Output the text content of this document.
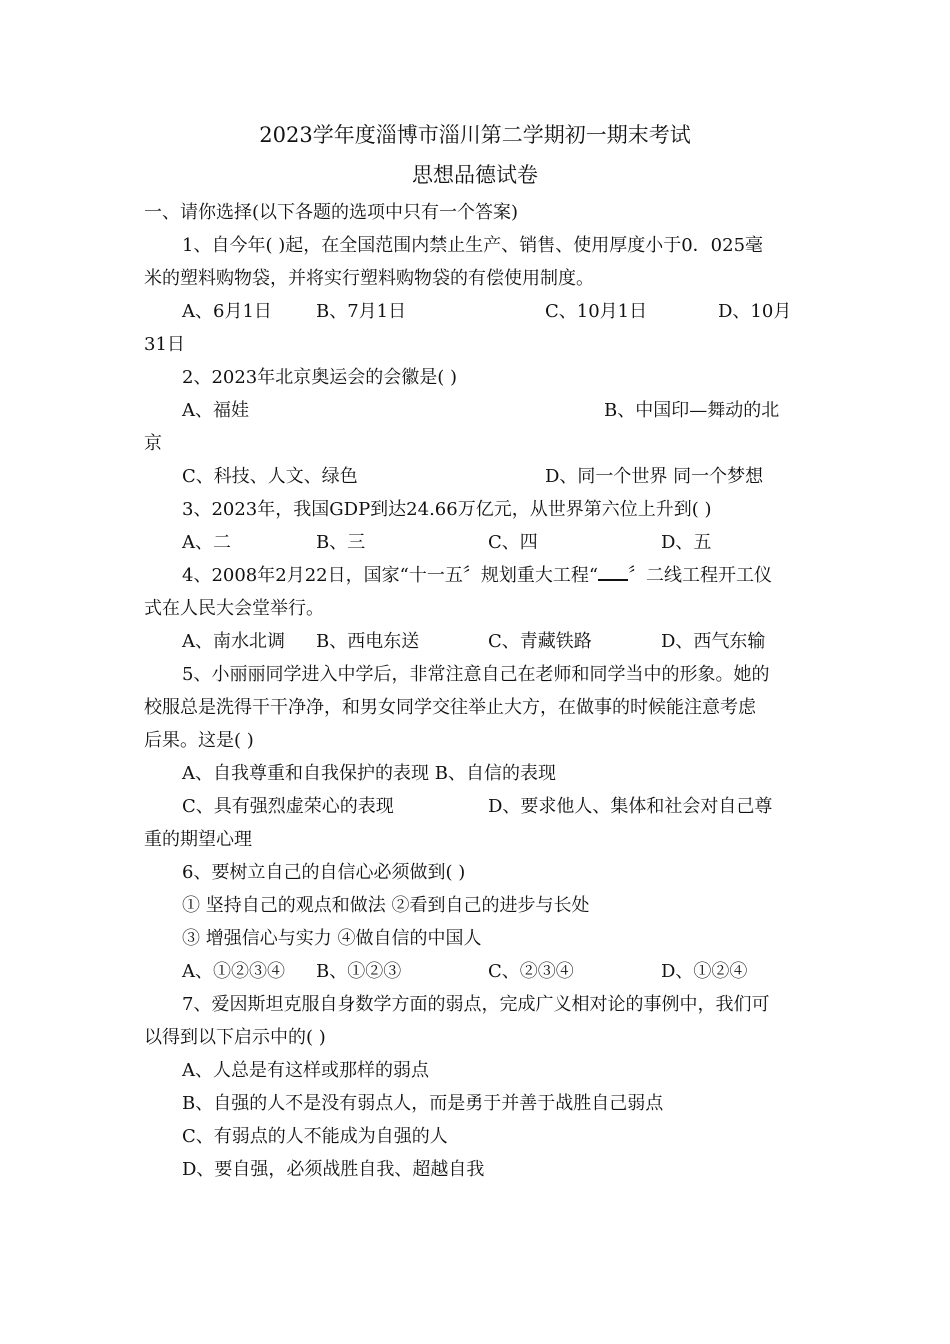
2023学年度淄博市淄川第二学期初一期末考试
思想品德试卷
一、请你选择(以下各题的选项中只有一个答案)
1、自今年( )起，在全国范围内禁止生产、销售、使用厚度小于0．025毫
米的塑料购物袋，并将实行塑料购物袋的有偿使用制度。
A、6月1日 B、7月1日	C、10月1日	D、10月
31日
2、2023年北京奥运会的会徽是( )
A、福娃	B、中国印—舞动的北
京
C、科技、人文、绿色	D、同一个世界 同一个梦想
3、2023年，我国GDP到达24.66万亿元，从世界第六位上升到( )
A、二	B、三	C、四	D、五
4、2008年2月22日，国家“十一五〞规划重大工程“ 〞二线工程开工仪
式在人民大会堂举行。
A、南水北调 B、西电东送	C、青藏铁路	D、西气东输
5、小丽丽同学进入中学后，非常注意自己在老师和同学当中的形象。她的
校服总是洗得干干净净，和男女同学交往举止大方，在做事的时候能注意考虑
后果。这是( )
A、自我尊重和自我保护的表现 B、自信的表现
C、具有强烈虚荣心的表现	D、要求他人、集体和社会对自己尊
重的期望心理
6、要树立自己的自信心必须做到( )
① 坚持自己的观点和做法 ②看到自己的进步与长处
③ 增强信心与实力 ④做自信的中国人
A、①②③④ B、①②③	C、②③④	D、①②④
7、爱因斯坦克服自身数学方面的弱点，完成广义相对论的事例中，我们可
以得到以下启示中的( )
A、人总是有这样或那样的弱点
B、自强的人不是没有弱点人，而是勇于并善于战胜自己弱点
C、有弱点的人不能成为自强的人
D、要自强，必须战胜自我、超越自我
